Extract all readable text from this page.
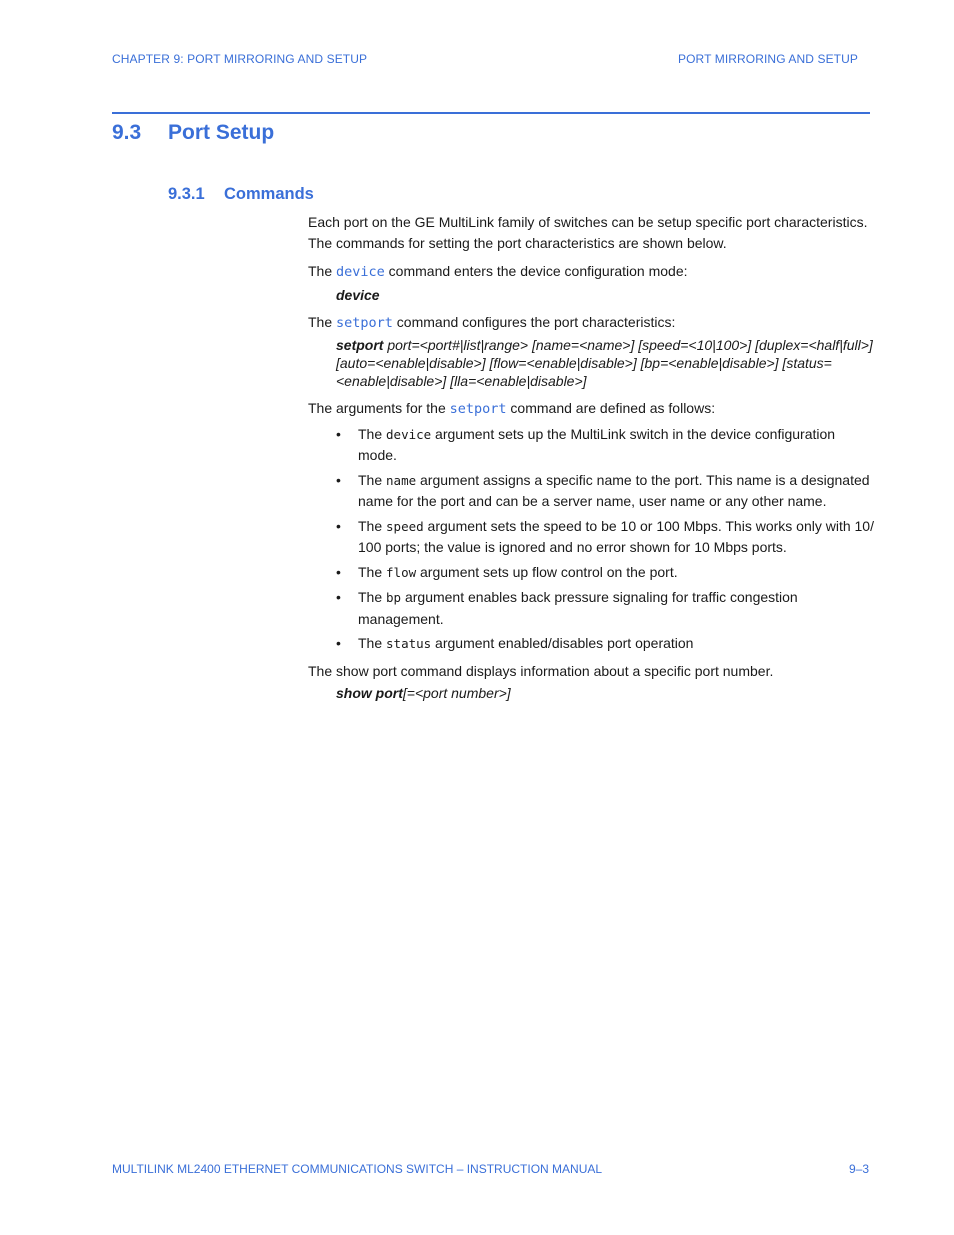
CHAPTER 9: PORT MIRRORING AND SETUP	PORT MIRRORING AND SETUP
9.3 Port Setup
9.3.1 Commands

Each port on the GE MultiLink family of switches can be setup specific port characteristics. The commands for setting the port characteristics are shown below.

The device command enters the device configuration mode:

device

The setport command configures the port characteristics:

setport port=<port#|list|range> [name=<name>] [speed=<10|100>] [duplex=<half|full>] [auto=<enable|disable>] [flow=<enable|disable>] [bp=<enable|disable>] [status=<enable|disable>] [lla=<enable|disable>]

The arguments for the setport command are defined as follows:

• The device argument sets up the MultiLink switch in the device configuration mode.
• The name argument assigns a specific name to the port. This name is a designated name for the port and can be a server name, user name or any other name.
• The speed argument sets the speed to be 10 or 100 Mbps. This works only with 10/ 100 ports; the value is ignored and no error shown for 10 Mbps ports.
• The flow argument sets up flow control on the port.
• The bp argument enables back pressure signaling for traffic congestion management.
• The status argument enabled/disables port operation

The show port command displays information about a specific port number.

show port[=<port number>]
MULTILINK ML2400 ETHERNET COMMUNICATIONS SWITCH – INSTRUCTION MANUAL	9–3
